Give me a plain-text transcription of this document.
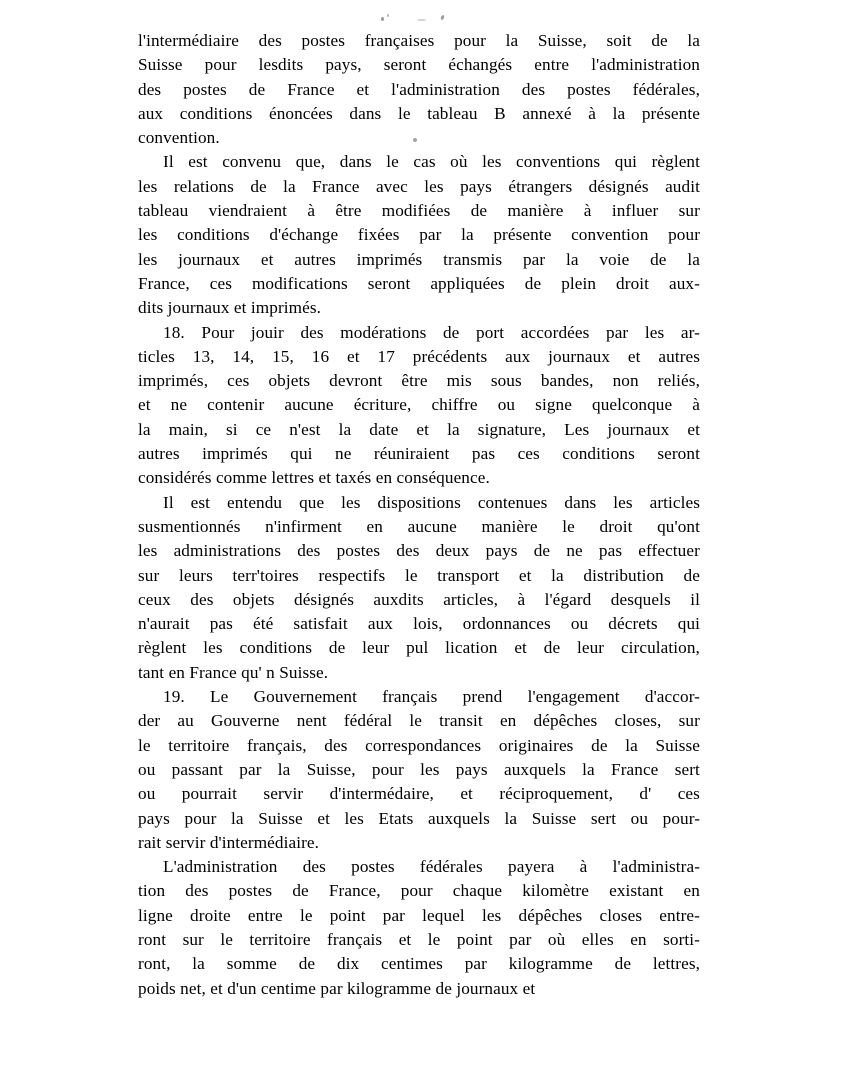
l'intermédiaire des postes françaises pour la Suisse, soit de la
Suisse pour lesdits pays, seront échangés entre l'administration
des postes de France et l'administration des postes fédérales,
aux conditions énoncées dans le tableau B annexé à la présente
convention.

Il est convenu que, dans le cas où les conventions qui règlent
les relations de la France avec les pays étrangers désignés audit
tableau viendraient à être modifiées de manière à influer sur
les conditions d'échange fixées par la présente convention pour
les journaux et autres imprimés transmis par la voie de la
France, ces modifications seront appliquées de plein droit aux-
dits journaux et imprimés.

18. Pour jouir des modérations de port accordées par les ar-
ticles 13, 14, 15, 16 et 17 précédents aux journaux et autres
imprimés, ces objets devront être mis sous bandes, non reliés,
et ne contenir aucune écriture, chiffre ou signe quelconque à
la main, si ce n'est la date et la signature, Les journaux et
autres imprimés qui ne réuniraient pas ces conditions seront
considérés comme lettres et taxés en conséquence.

Il est entendu que les dispositions contenues dans les articles
susmentionnés n'infirment en aucune manière le droit qu'ont
les administrations des postes des deux pays de ne pas effectuer
sur leurs terr'toires respectifs le transport et la distribution de
ceux des objets désignés auxdits articles, à l'égard desquels il
n'aurait pas été satisfait aux lois, ordonnances ou décrets qui
règlent les conditions de leur pul lication et de leur circulation,
tant en France qu' n Suisse.

19. Le Gouvernement français prend l'engagement d'accor-
der au Gouverne nent fédéral le transit en dépêches closes, sur
le territoire français, des correspondances originaires de la Suisse
ou passant par la Suisse, pour les pays auxquels la France sert
ou pourrait servir d'intermédaire, et réciproquement, d' ces
pays pour la Suisse et les Etats auxquels la Suisse sert ou pour-
rait servir d'intermédiaire.

L'administration des postes fédérales payera à l'administra-
tion des postes de France, pour chaque kilomètre existant en
ligne droite entre le point par lequel les dépêches closes entre-
ront sur le territoire français et le point par où elles en sorti-
ront, la somme de dix centimes par kilogramme de lettres,
poids net, et d'un centime par kilogramme de journaux et
